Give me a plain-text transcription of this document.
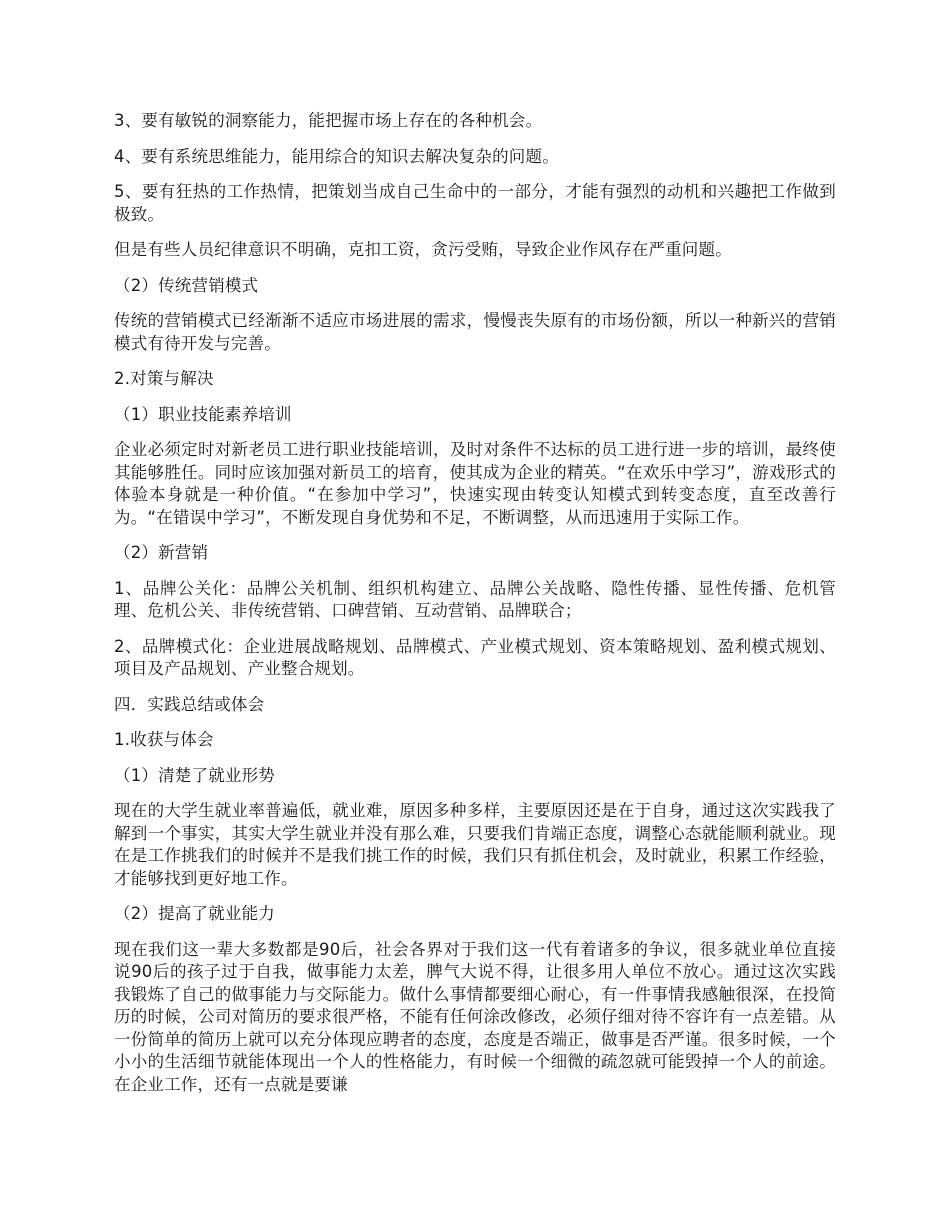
3、要有敏锐的洞察能力，能把握市场上存在的各种机会。

4、要有系统思维能力，能用综合的知识去解决复杂的问题。

5、要有狂热的工作热情，把策划当成自己生命中的一部分，才能有强烈的动机和兴趣把工作做到极致。

但是有些人员纪律意识不明确，克扣工资，贪污受贿，导致企业作风存在严重问题。

（2）传统营销模式

传统的营销模式已经渐渐不适应市场进展的需求，慢慢丧失原有的市场份额，所以一种新兴的营销模式有待开发与完善。

2.对策与解决

（1）职业技能素养培训

企业必须定时对新老员工进行职业技能培训，及时对条件不达标的员工进行进一步的培训，最终使其能够胜任。同时应该加强对新员工的培育，使其成为企业的精英。“在欢乐中学习”，游戏形式的体验本身就是一种价值。“在参加中学习”，快速实现由转变认知模式到转变态度，直至改善行为。“在错误中学习”，不断发现自身优势和不足，不断调整，从而迅速用于实际工作。

（2）新营销

1、品牌公关化：品牌公关机制、组织机构建立、品牌公关战略、隐性传播、显性传播、危机管理、危机公关、非传统营销、口碑营销、互动营销、品牌联合；

2、品牌模式化：企业进展战略规划、品牌模式、产业模式规划、资本策略规划、盈利模式规划、 项目及产品规划、产业整合规划。

四．实践总结或体会

1.收获与体会

（1）清楚了就业形势

现在的大学生就业率普遍低，就业难，原因多种多样，主要原因还是在于自身，通过这次实践我了解到一个事实，其实大学生就业并没有那么难，只要我们肯端正态度，调整心态就能顺利就业。现在是工作挑我们的时候并不是我们挑工作的时候，我们只有抓住机会，及时就业，积累工作经验，才能够找到更好地工作。

（2）提高了就业能力

现在我们这一辈大多数都是90后，社会各界对于我们这一代有着诸多的争议，很多就业单位直接说90后的孩子过于自我，做事能力太差，脾气大说不得，让很多用人单位不放心。通过这次实践我锻炼了自己的做事能力与交际能力。做什么事情都要细心耐心，有一件事情我感触很深，在投简历的时候，公司对简历的要求很严格，不能有任何涂改修改，必须仔细对待不容许有一点差错。从一份简单的简历上就可以充分体现应聘者的态度，态度是否端正，做事是否严谨。很多时候，一个小小的生活细节就能体现出一个人的性格能力，有时候一个细微的疏忽就可能毁掉一个人的前途。在企业工作，还有一点就是要谦
